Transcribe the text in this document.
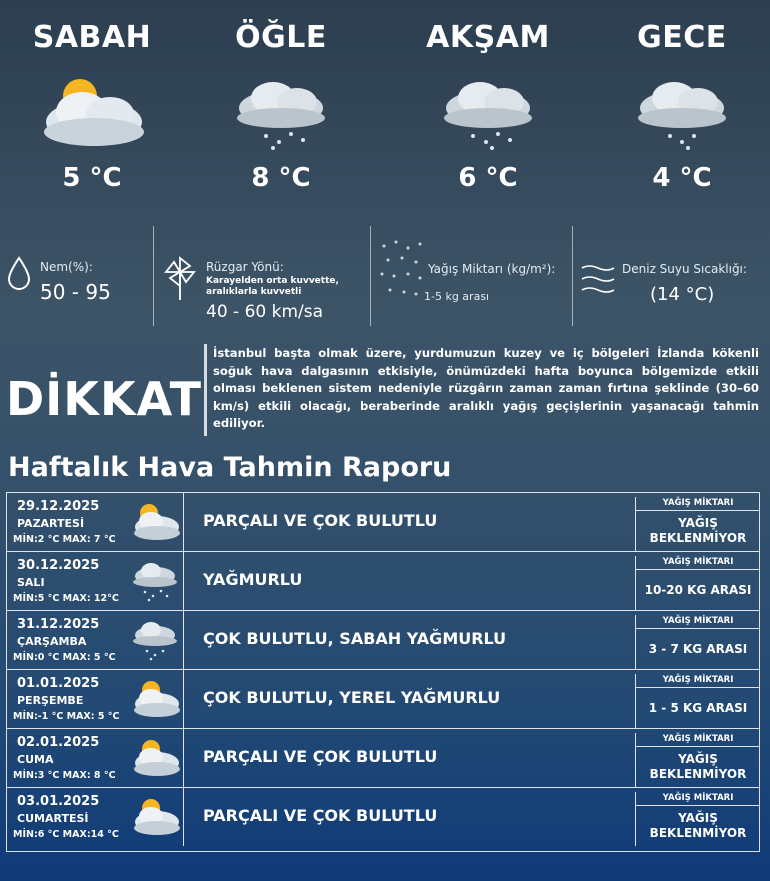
SABAH
5 °C
ÖĞLE
8 °C
AKŞAM
6 °C
GECE
4 °C
Nem(%):
50 - 95
Rüzgar Yönü:
Karayelden orta kuvvette, aralıklarla kuvvetli
40 - 60 km/sa
Yağış Miktarı (kg/m²):
1-5 kg arası
Deniz Suyu Sıcaklığı:
(14 °C)
DİKKAT
İstanbul başta olmak üzere, yurdumuzun kuzey ve iç bölgeleri İzlanda kökenli soğuk hava dalgasının etkisiyle, önümüzdeki hafta boyunca bölgemizde etkili olması beklenen sistem nedeniyle rüzgârın zaman zaman fırtına şeklinde (30–60 km/s) etkili olacağı, beraberinde aralıklı yağış geçişlerinin yaşanacağı tahmin ediliyor.
Haftalık Hava Tahmin Raporu
29.12.2025
PAZARTESİ
MİN:2 °C MAX: 7 °C
PARÇALI VE ÇOK BULUTLU
YAĞIŞ MİKTARI
YAĞIŞ BEKLENMİYOR
30.12.2025
SALI
MİN:5 °C MAX: 12°C
YAĞMURLU
YAĞIŞ MİKTARI
10-20 KG ARASI
31.12.2025
ÇARŞAMBA
MİN:0 °C MAX: 5 °C
ÇOK BULUTLU, SABAH YAĞMURLU
YAĞIŞ MİKTARI
3 - 7 KG ARASI
01.01.2025
PERŞEMBE
MİN:-1 °C MAX: 5 °C
ÇOK BULUTLU, YEREL YAĞMURLU
YAĞIŞ MİKTARI
1 - 5 KG ARASI
02.01.2025
CUMA
MİN:3 °C MAX: 8 °C
PARÇALI VE ÇOK BULUTLU
YAĞIŞ MİKTARI
YAĞIŞ BEKLENMİYOR
03.01.2025
CUMARTESİ
MİN:6 °C MAX:14 °C
PARÇALI VE ÇOK BULUTLU
YAĞIŞ MİKTARI
YAĞIŞ BEKLENMİYOR
